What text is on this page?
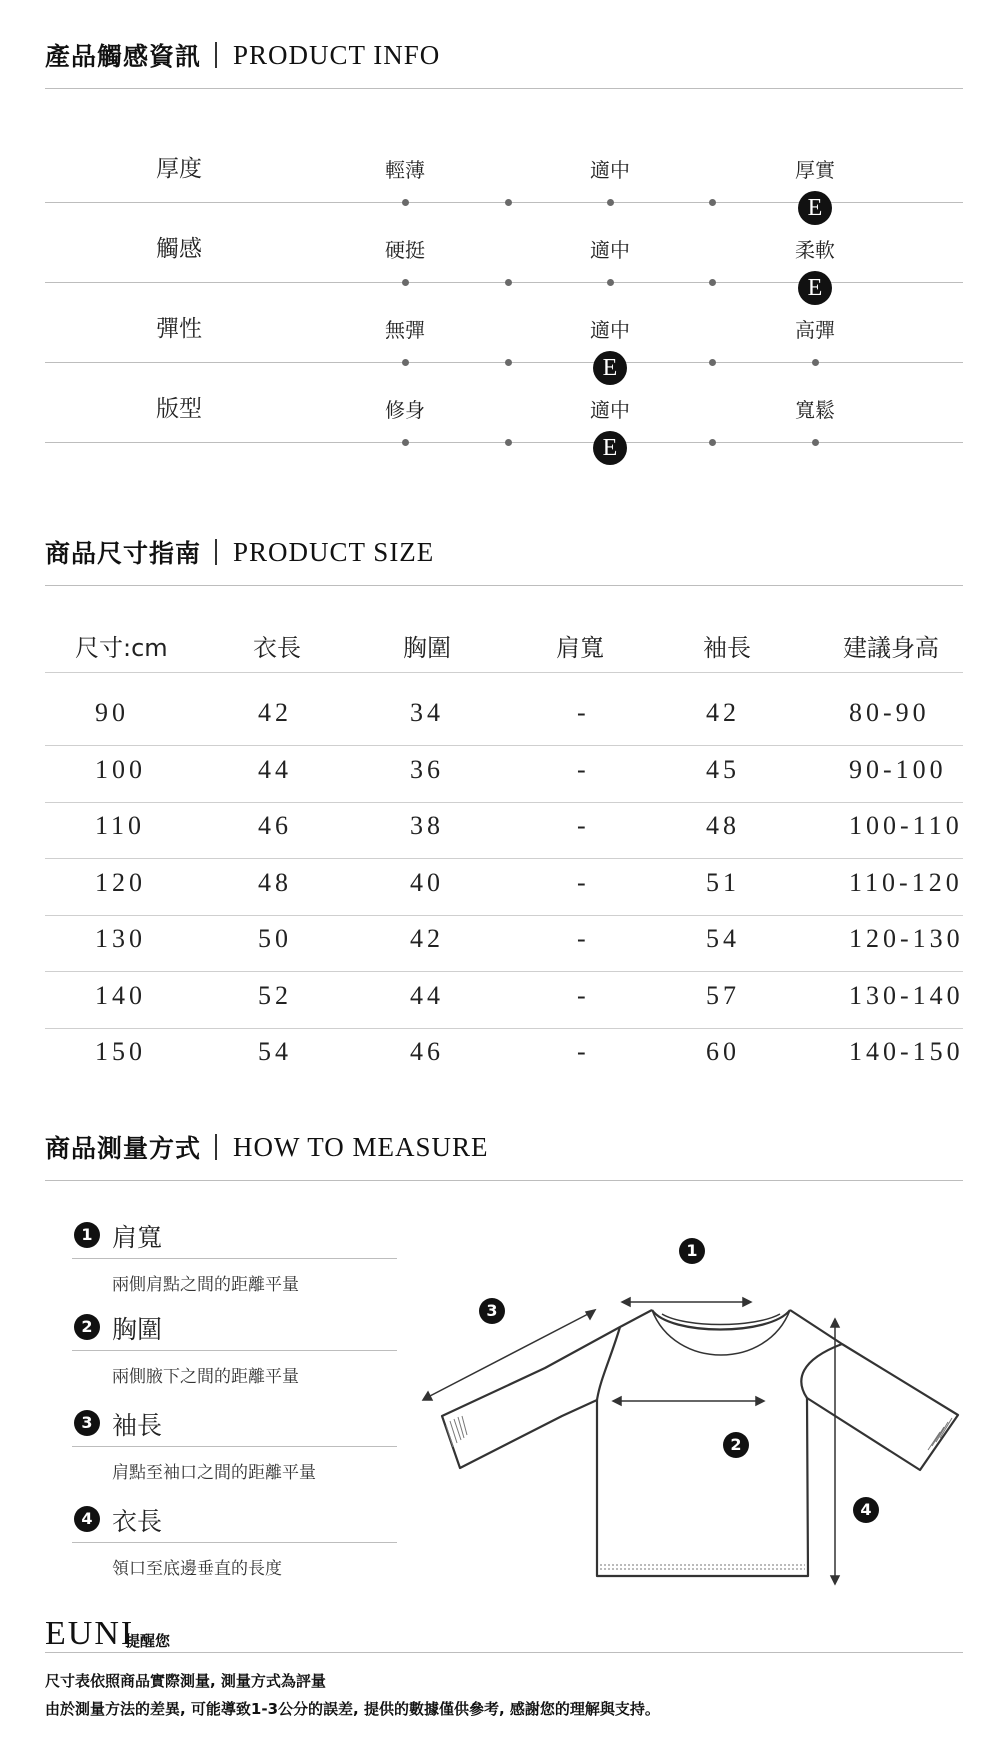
產品觸感資訊 PRODUCT INFO
厚度	輕薄	適中	厚實
E
觸感	硬挺	適中	柔軟
E
彈性	無彈	適中	高彈
E
版型	修身	適中	寬鬆
E
商品尺寸指南 PRODUCT SIZE
尺寸:cm	衣長	胸圍	肩寬	袖長	建議身高
90	42	34	-	42	80-90
100	44	36	-	45	90-100
110	46	38	-	48	100-110
120	48	40	-	51	110-120
130	50	42	-	54	120-130
140	52	44	-	57	130-140
150	54	46	-	60	140-150
商品測量方式 HOW TO MEASURE
1 肩寬
兩側肩點之間的距離平量
2 胸圍
兩側腋下之間的距離平量
3 袖長
肩點至袖口之間的距離平量
4 衣長
領口至底邊垂直的長度
1
2
3
4
EUNI
提醒您
尺寸表依照商品實際測量, 測量方式為評量
由於測量方法的差異, 可能導致1-3公分的誤差, 提供的數據僅供參考, 感謝您的理解與支持。
